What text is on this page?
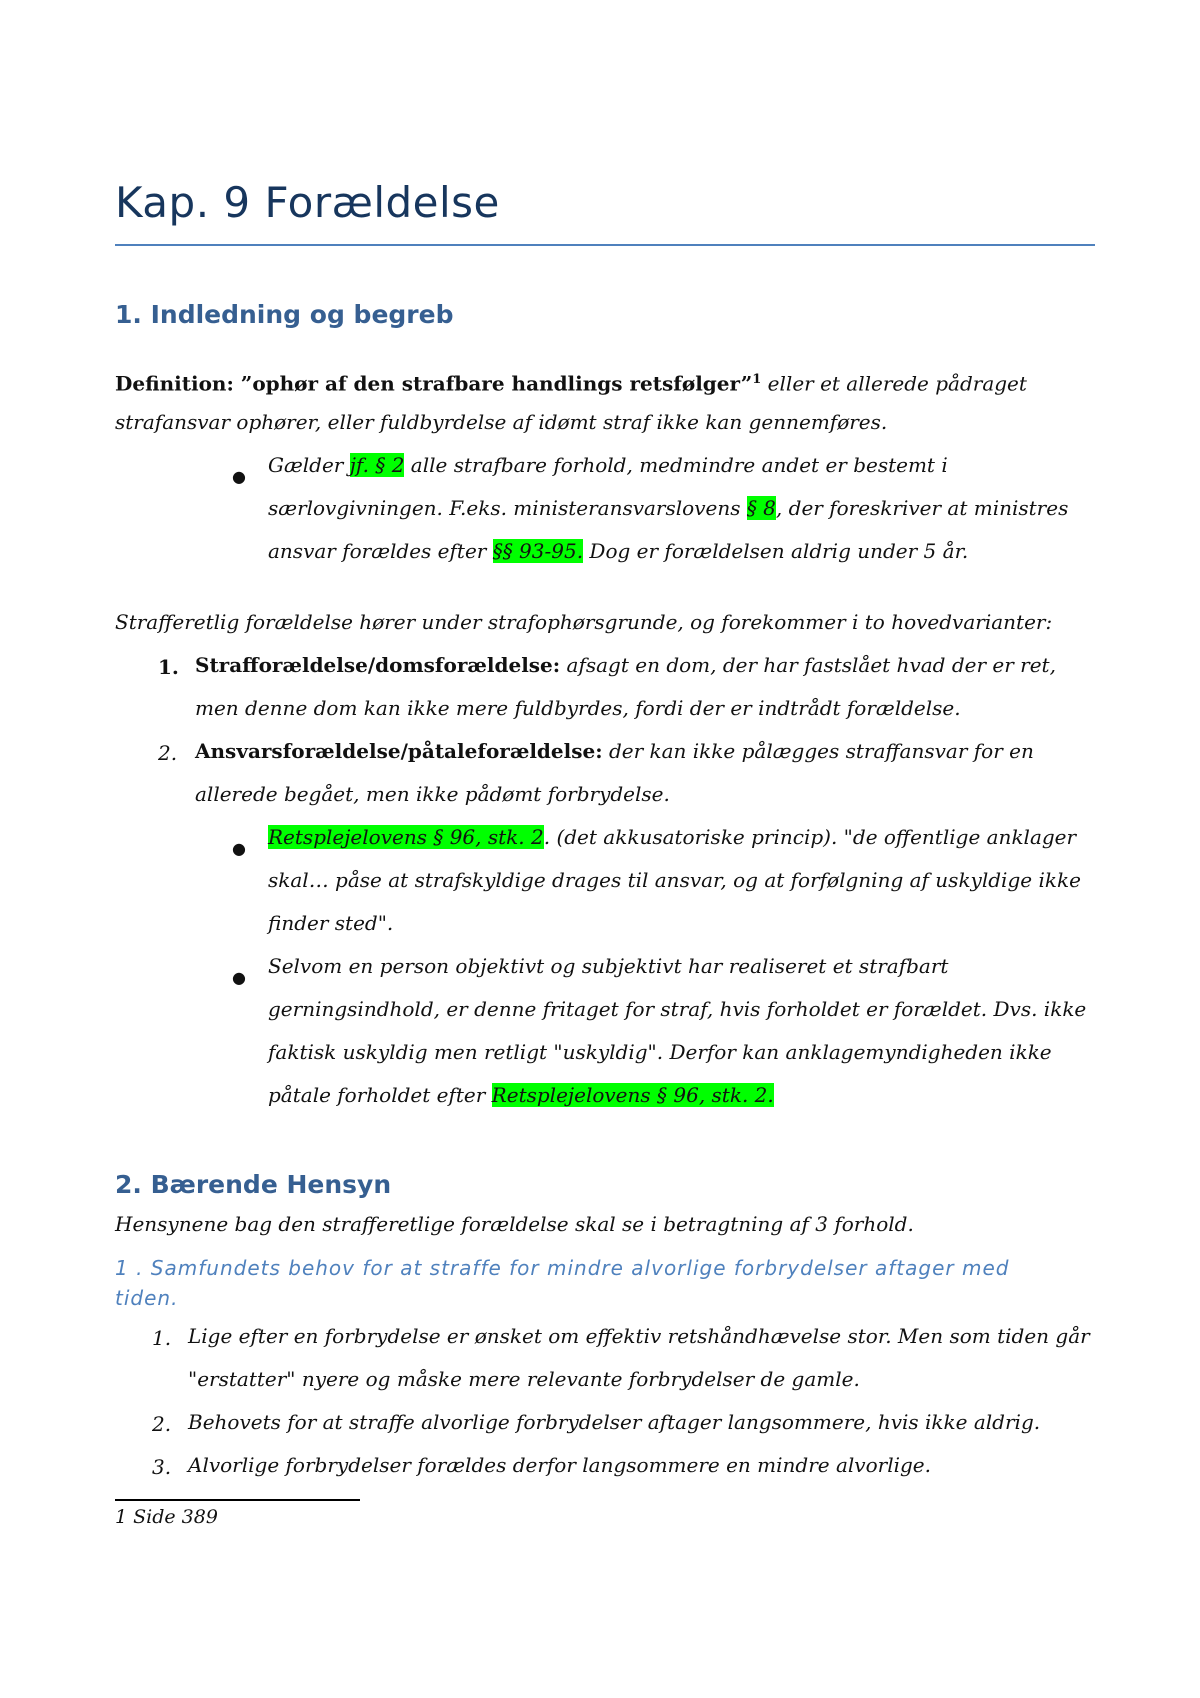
Kap. 9 Forældelse
1. Indledning og begreb
Definition: ”ophør af den strafbare handlings retsfølger”$^1$ eller et allerede pådraget
strafansvar ophører, eller fuldbyrdelse af idømt straf ikke kan gennemføres.
● Gælder jf. § 2 alle strafbare forhold, medmindre andet er bestemt i
særlovgivningen. F.eks. ministeransvarslovens § 8, der foreskriver at ministres
ansvar forældes efter §§ 93-95. Dog er forældelsen aldrig under 5 år.
Strafferetlig forældelse hører under strafophørsgrunde, og forekommer i to hovedvarianter:
1. Strafforældelse/domsforældelse: afsagt en dom, der har fastslået hvad der er ret,
men denne dom kan ikke mere fuldbyrdes, fordi der er indtrådt forældelse.
2. Ansvarsforældelse/påtaleforældelse: der kan ikke pålægges straffansvar for en
allerede begået, men ikke pådømt forbrydelse.
● Retsplejelovens § 96, stk. 2. (det akkusatoriske princip). "de offentlige anklager
skal… påse at strafskyldige drages til ansvar, og at forfølgning af uskyldige ikke
finder sted".
● Selvom en person objektivt og subjektivt har realiseret et strafbart
gerningsindhold, er denne fritaget for straf, hvis forholdet er forældet. Dvs. ikke
faktisk uskyldig men retligt "uskyldig". Derfor kan anklagemyndigheden ikke
påtale forholdet efter Retsplejelovens § 96, stk. 2.
2. Bærende Hensyn
Hensynene bag den strafferetlige forældelse skal se i betragtning af 3 forhold.
1 . Samfundets behov for at straffe for mindre alvorlige forbrydelser aftager med tiden.
1. Lige efter en forbrydelse er ønsket om effektiv retshåndhævelse stor. Men som tiden går
"erstatter" nyere og måske mere relevante forbrydelser de gamle.
2. Behovets for at straffe alvorlige forbrydelser aftager langsommere, hvis ikke aldrig.
3. Alvorlige forbrydelser forældes derfor langsommere en mindre alvorlige.
1 Side 389
